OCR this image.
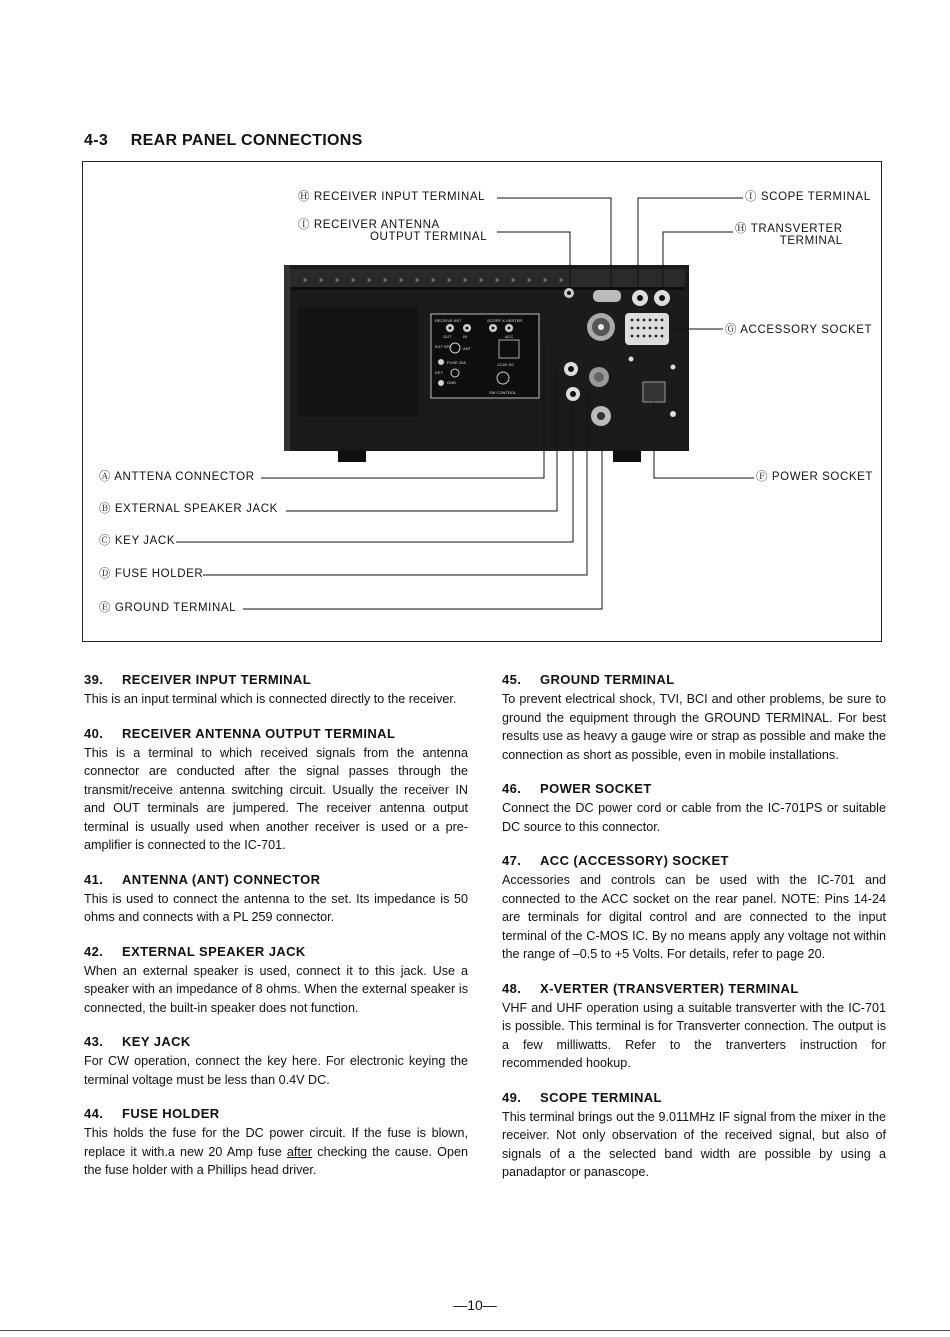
4-3 REAR PANEL CONNECTIONS
RECEIVE ANT	SCOPE X-VERTER
OUT	IN	ACC
EXT SPK	ANT
FUSE 20A	13.8V DC
KEY
GND
SW CONTROL
Ⓗ RECEIVER INPUT TERMINAL
Ⓘ RECEIVER ANTENNA
OUTPUT TERMINAL
Ⓘ SCOPE TERMINAL
Ⓗ TRANSVERTER
TERMINAL
Ⓖ ACCESSORY SOCKET
Ⓕ POWER SOCKET
Ⓐ ANTTENA CONNECTOR
Ⓑ EXTERNAL SPEAKER JACK
Ⓒ KEY JACK
Ⓓ FUSE HOLDER
Ⓔ GROUND TERMINAL
39. RECEIVER INPUT TERMINAL
This is an input terminal which is connected directly to the receiver.
40. RECEIVER ANTENNA OUTPUT TERMINAL
This is a terminal to which received signals from the antenna connector are conducted after the signal passes through the transmit/receive antenna switching circuit. Usually the receiver IN and OUT terminals are jumpered. The receiver antenna output terminal is usually used when another receiver is used or a pre-amplifier is connected to the IC-701.
41. ANTENNA (ANT) CONNECTOR
This is used to connect the antenna to the set. Its impedance is 50 ohms and connects with a PL 259 connector.
42. EXTERNAL SPEAKER JACK
When an external speaker is used, connect it to this jack. Use a speaker with an impedance of 8 ohms. When the external speaker is connected, the built-in speaker does not function.
43. KEY JACK
For CW operation, connect the key here. For electronic keying the terminal voltage must be less than 0.4V DC.
44. FUSE HOLDER
This holds the fuse for the DC power circuit. If the fuse is blown, replace it with.a new 20 Amp fuse after checking the cause. Open the fuse holder with a Phillips head driver.
45. GROUND TERMINAL
To prevent electrical shock, TVI, BCI and other problems, be sure to ground the equipment through the GROUND TERMINAL. For best results use as heavy a gauge wire or strap as possible and make the connection as short as possible, even in mobile installations.
46. POWER SOCKET
Connect the DC power cord or cable from the IC-701PS or suitable DC source to this connector.
47. ACC (ACCESSORY) SOCKET
Accessories and controls can be used with the IC-701 and connected to the ACC socket on the rear panel. NOTE: Pins 14-24 are terminals for digital control and are connected to the input terminal of the C-MOS IC. By no means apply any voltage not within the range of –0.5 to +5 Volts. For details, refer to page 20.
48. X-VERTER (TRANSVERTER) TERMINAL
VHF and UHF operation using a suitable transverter with the IC-701 is possible. This terminal is for Transverter connection. The output is a few milliwatts. Refer to the tranverters instruction for recommended hookup.
49. SCOPE TERMINAL
This terminal brings out the 9.011MHz IF signal from the mixer in the receiver. Not only observation of the received signal, but also of signals of a the selected band width are possible by using a panadaptor or panascope.
—10—
